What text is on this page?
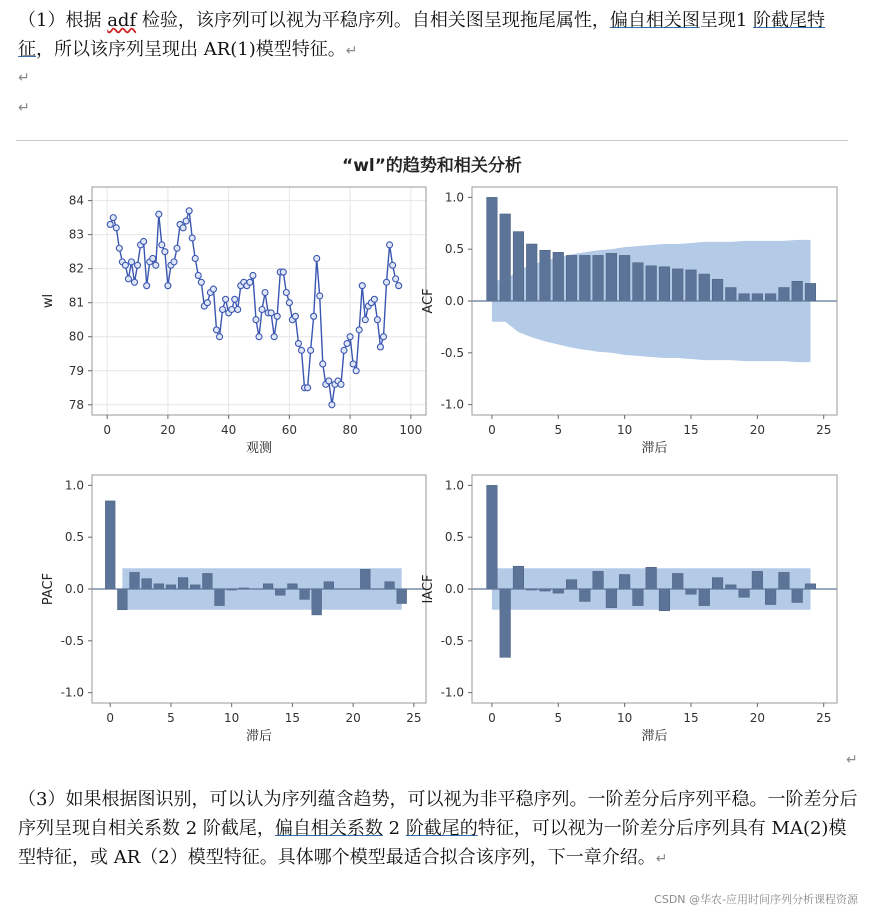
（1）根据 adf 检验，该序列可以视为平稳序列。自相关图呈现拖尾属性，偏自相关图呈现1 阶截尾特征，所以该序列呈现出 AR(1)模型特征。↵
↵
↵
“wl”的趋势和相关分析
0	20	40	60	80	100
78
79
80
81
82
83
84
观测
wl
0	5	10	15	20	25
1.0
0.5
0.0
-0.5
-1.0
滞后
ACF
0	5	10	15	20	25
1.0
0.5
0.0
-0.5
-1.0
滞后
PACF
0	5	10	15	20	25
1.0
0.5
0.0
-0.5
-1.0
滞后
IACF
↵
（3）如果根据图识别，可以认为序列蕴含趋势，可以视为非平稳序列。一阶差分后序列平稳。一阶差分后序列呈现自相关系数 2 阶截尾，偏自相关系数 2 阶截尾的特征，可以视为一阶差分后序列具有 MA(2)模型特征，或 AR（2）模型特征。具体哪个模型最适合拟合该序列，下一章介绍。↵
CSDN @华农-应用时间序列分析课程资源
